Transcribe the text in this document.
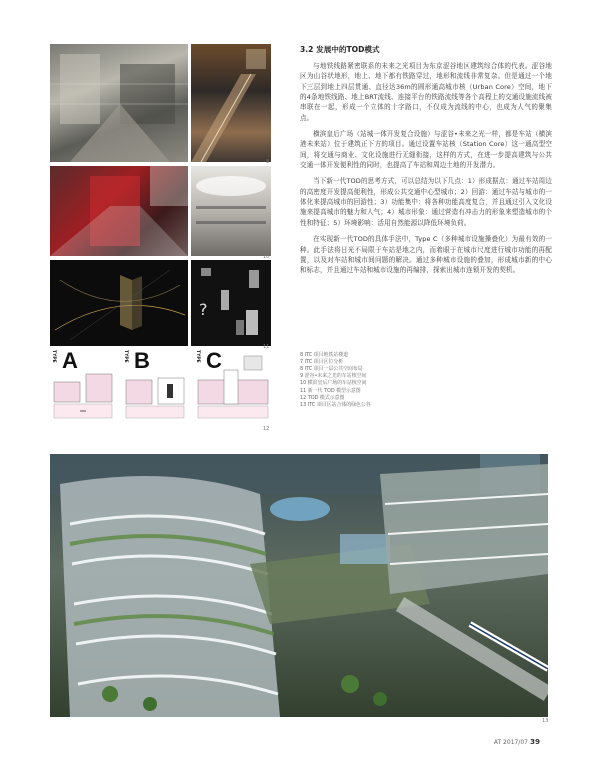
8
10
?
11
TYPE A	TYPE B	TYPE C
12
3.2 发展中的TOD模式

与地铁线路紧密联系的未来之光项目为东京涩谷地区建筑综合体的代表。涩谷地区为山谷状地形，地上、地下都有铁路穿过，地形和流线非常复杂。但是通过一个地下三层到地上四层贯通、直径达36m的圆形通高城市核（Urban Core）空间，地下的4条地铁线路、地上BRT流线、连接平台的铁路流线等各个高程上的交通设施流线被串联在一起，形成一个立体的十字路口，不仅成为流线的中心，也成为人气的聚集点。

横滨皇后广场（站城一体开发复合设施）与涩谷•未来之光一样，都是车站（横滨港未来站）位于建筑正下方的项目。通过设置车站核（Station Core）这一通高型空间，将交通与商业、文化设施进行无缝衔接，这样的方式，在进一步提高建筑与公共交通一体开发便利性的同时，也提高了车站和周边土地的开发潜力。

当下新一代TOD的思考方式，可以总结为以下几点：1）形成据点：通过车站周边的高密度开发提高便利性，形成公共交通中心型城市；2）回游：通过车站与城市的一体化来提高城市的回游性；3）功能集中：将各种功能高度复合，并且通过引入文化设施来提高城市的魅力和人气；4）城市形象：通过营造有冲击力的形象来塑造城市的个性和特征；5）环境影响：活用自然能源以降低环境负荷。

在实现新一代TOD的具体手法中，Type C（多种城市设施操叠化）为最有效的一种。此手法将日光不局限于车站是地之内，而着眼于在城市尺度进行城市功能的再配置，以及对车站和城市间问题的解决。通过多种城市设施的叠加，形成城市新的中心和标志，并且通过车站和城市设施的再编排，探索出城市连锁开发的契机。

8 ITC 项目地铁站楼道
7 ITC 项目区位分析
8 ITC 项目一层公共空间布局
9 涩谷•未来之光的车站核空间
10 横滨皇后广场的车站核空间
11 新一代 TOD 模型示意图
12 TOD 模式示意图
13 ITC 项目区站合体的绿色公谷
13
AT 2017/07 39
